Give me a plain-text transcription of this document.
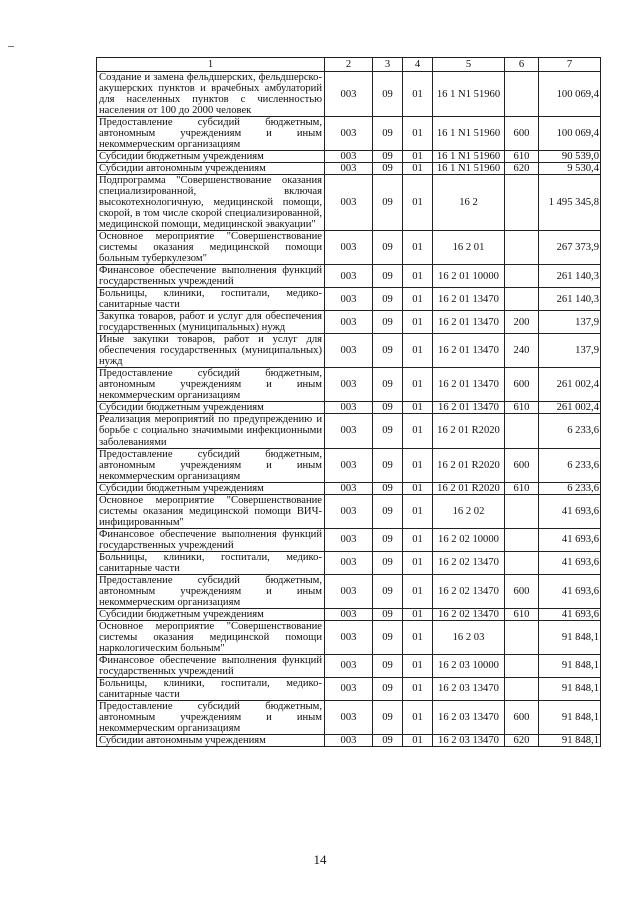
1	2	3	4	5	6	7
Создание и замена фельдшерских, фельдшерско-акушерских пунктов и врачебных амбулаторий для населенных пунктов с численностью населения от 100 до 2000 человек	003	09	01	16 1 N1 51960		100 069,4
Предоставление субсидий бюджетным, автономным учреждениям и иным некоммерческим организациям	003	09	01	16 1 N1 51960	600	100 069,4
Субсидии бюджетным учреждениям	003	09	01	16 1 N1 51960	610	90 539,0
Субсидии автономным учреждениям	003	09	01	16 1 N1 51960	620	9 530,4
Подпрограмма "Совершенствование оказания специализированной, включая высокотехнологичную, медицинской помощи, скорой, в том числе скорой специализированной, медицинской помощи, медицинской эвакуации"	003	09	01	16 2		1 495 345,8
Основное мероприятие "Совершенствование системы оказания медицинской помощи больным туберкулезом"	003	09	01	16 2 01		267 373,9
Финансовое обеспечение выполнения функций государственных учреждений	003	09	01	16 2 01 10000		261 140,3
Больницы, клиники, госпитали, медико-санитарные части	003	09	01	16 2 01 13470		261 140,3
Закупка товаров, работ и услуг для обеспечения государственных (муниципальных) нужд	003	09	01	16 2 01 13470	200	137,9
Иные закупки товаров, работ и услуг для обеспечения государственных (муниципальных) нужд	003	09	01	16 2 01 13470	240	137,9
Предоставление субсидий бюджетным, автономным учреждениям и иным некоммерческим организациям	003	09	01	16 2 01 13470	600	261 002,4
Субсидии бюджетным учреждениям	003	09	01	16 2 01 13470	610	261 002,4
Реализация мероприятий по предупреждению и борьбе с социально значимыми инфекционными заболеваниями	003	09	01	16 2 01 R2020		6 233,6
Предоставление субсидий бюджетным, автономным учреждениям и иным некоммерческим организациям	003	09	01	16 2 01 R2020	600	6 233,6
Субсидии бюджетным учреждениям	003	09	01	16 2 01 R2020	610	6 233,6
Основное мероприятие "Совершенствование системы оказания медицинской помощи ВИЧ-инфицированным"	003	09	01	16 2 02		41 693,6
Финансовое обеспечение выполнения функций государственных учреждений	003	09	01	16 2 02 10000		41 693,6
Больницы, клиники, госпитали, медико-санитарные части	003	09	01	16 2 02 13470		41 693,6
Предоставление субсидий бюджетным, автономным учреждениям и иным некоммерческим организациям	003	09	01	16 2 02 13470	600	41 693,6
Субсидии бюджетным учреждениям	003	09	01	16 2 02 13470	610	41 693,6
Основное мероприятие "Совершенствование системы оказания медицинской помощи наркологическим больным"	003	09	01	16 2 03		91 848,1
Финансовое обеспечение выполнения функций государственных учреждений	003	09	01	16 2 03 10000		91 848,1
Больницы, клиники, госпитали, медико-санитарные части	003	09	01	16 2 03 13470		91 848,1
Предоставление субсидий бюджетным, автономным учреждениям и иным некоммерческим организациям	003	09	01	16 2 03 13470	600	91 848,1
Субсидии автономным учреждениям	003	09	01	16 2 03 13470	620	91 848,1
14
